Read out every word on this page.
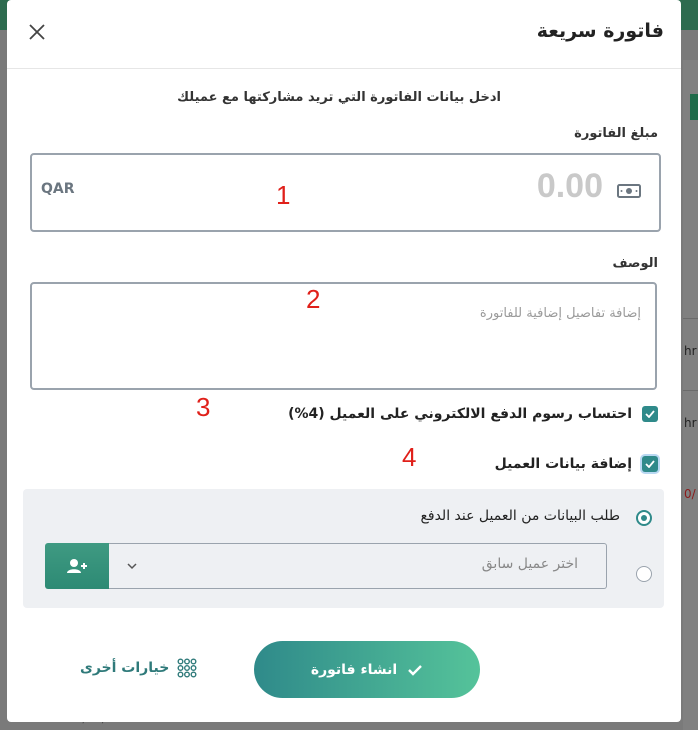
hr
hr
0/
فاتورة سريعة
ادخل بيانات الفاتورة التي تريد مشاركتها مع عميلك
مبلغ الفاتورة
QAR	0.00
الوصف
إضافة تفاصيل إضافية للفاتورة
احتساب رسوم الدفع الالكتروني على العميل (4%)
إضافة بيانات العميل
طلب البيانات من العميل عند الدفع
اختر عميل سابق
انشاء فاتورة
خيارات أخرى
1
2
3
4
